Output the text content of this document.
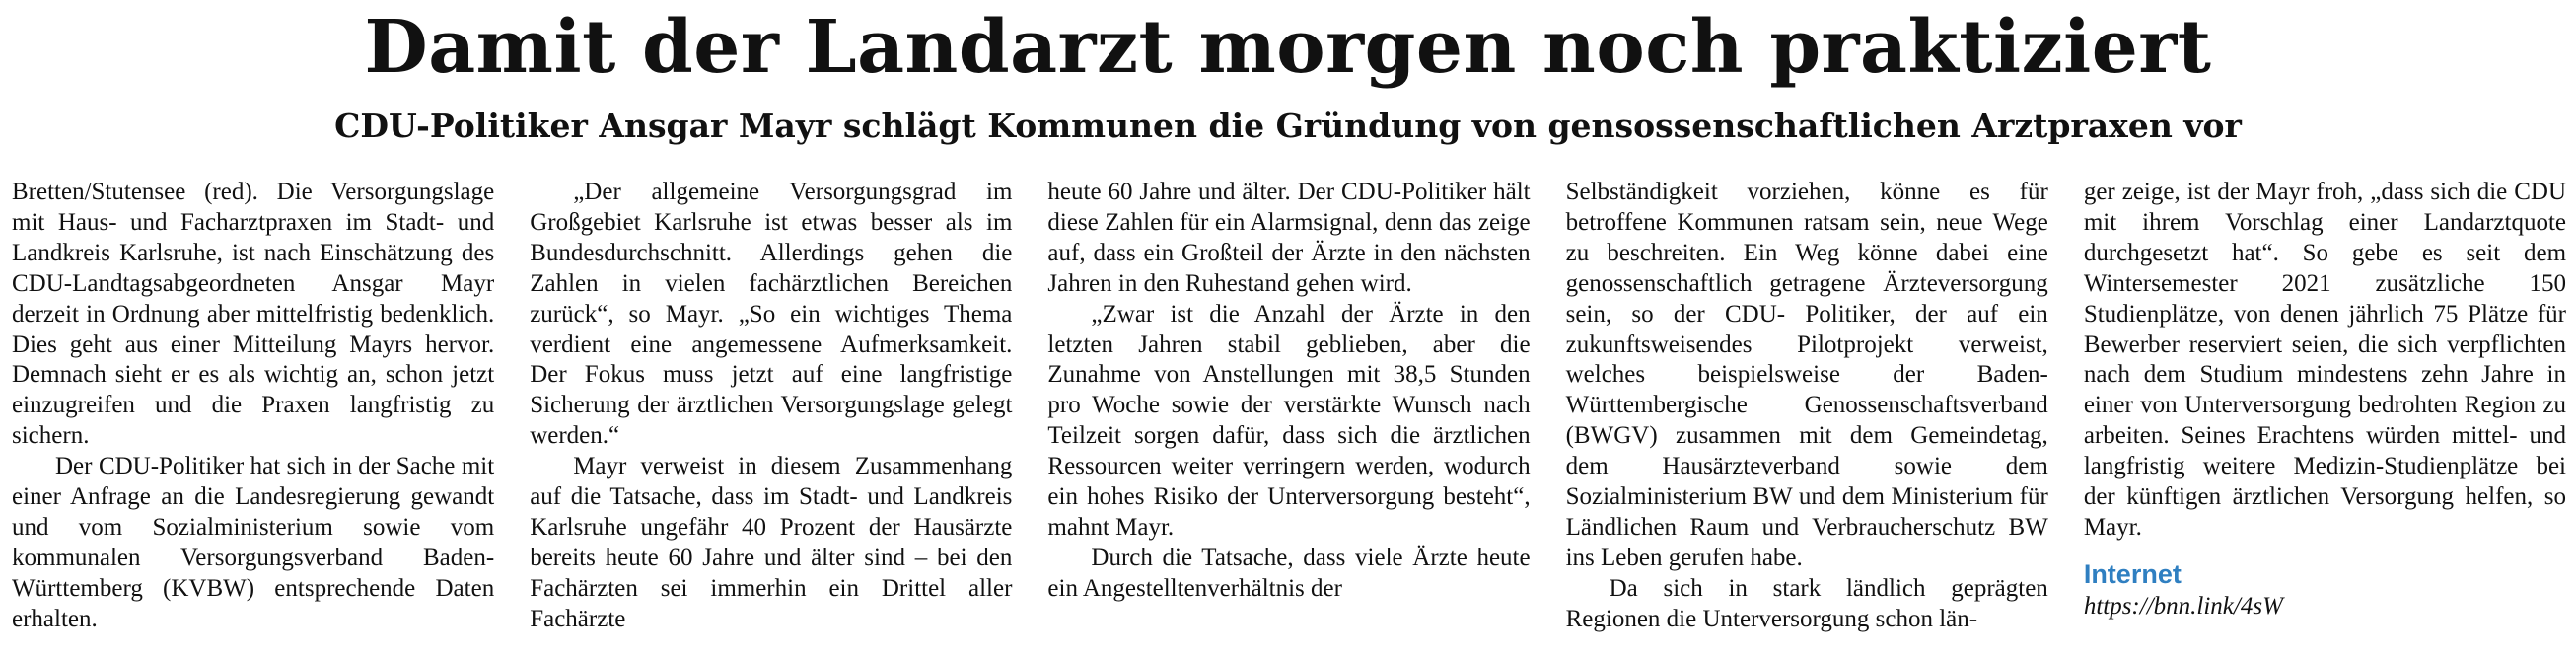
Damit der Landarzt morgen noch praktiziert
CDU-Politiker Ansgar Mayr schlägt Kommunen die Gründung von gensossenschaftlichen Arztpraxen vor

Bretten/Stutensee (red). Die Versorgungslage mit Haus- und Facharztpraxen im Stadt- und Landkreis Karlsruhe, ist nach Einschätzung des CDU-Landtagsabgeordneten Ansgar Mayr derzeit in Ordnung aber mittelfristig bedenklich. Dies geht aus einer Mitteilung Mayrs hervor. Demnach sieht er es als wichtig an, schon jetzt einzugreifen und die Praxen langfristig zu sichern.

Der CDU-Politiker hat sich in der Sache mit einer Anfrage an die Landesregierung gewandt und vom Sozialministerium sowie vom kommunalen Versorgungsverband Baden-Württemberg (KVBW) entsprechende Daten erhalten.

„Der allgemeine Versorgungsgrad im Großgebiet Karlsruhe ist etwas besser als im Bundesdurchschnitt. Allerdings gehen die Zahlen in vielen fachärztlichen Bereichen zurück“, so Mayr. „So ein wichtiges Thema verdient eine angemessene Aufmerksamkeit. Der Fokus muss jetzt auf eine langfristige Sicherung der ärztlichen Versorgungslage gelegt werden.“

Mayr verweist in diesem Zusammenhang auf die Tatsache, dass im Stadt- und Landkreis Karlsruhe ungefähr 40 Prozent der Hausärzte bereits heute 60 Jahre und älter sind – bei den Fachärzten sei immerhin ein Drittel aller Fachärzte

heute 60 Jahre und älter. Der CDU-Politiker hält diese Zahlen für ein Alarmsignal, denn das zeige auf, dass ein Großteil der Ärzte in den nächsten Jahren in den Ruhestand gehen wird.

„Zwar ist die Anzahl der Ärzte in den letzten Jahren stabil geblieben, aber die Zunahme von Anstellungen mit 38,5 Stunden pro Woche sowie der verstärkte Wunsch nach Teilzeit sorgen dafür, dass sich die ärztlichen Ressourcen weiter verringern werden, wodurch ein hohes Risiko der Unterversorgung besteht“, mahnt Mayr.

Durch die Tatsache, dass viele Ärzte heute ein Angestelltenverhältnis der

Selbständigkeit vorziehen, könne es für betroffene Kommunen ratsam sein, neue Wege zu beschreiten. Ein Weg könne dabei eine genossenschaftlich getragene Ärzteversorgung sein, so der CDU- Politiker, der auf ein zukunftsweisendes Pilotprojekt verweist, welches beispielsweise der Baden-Württembergische Genossenschaftsverband (BWGV) zusammen mit dem Gemeindetag, dem Hausärzteverband sowie dem Sozialministerium BW und dem Ministerium für Ländlichen Raum und Verbraucherschutz BW ins Leben gerufen habe.

Da sich in stark ländlich geprägten Regionen die Unterversorgung schon län-

ger zeige, ist der Mayr froh, „dass sich die CDU mit ihrem Vorschlag einer Landarztquote durchgesetzt hat“. So gebe es seit dem Wintersemester 2021 zusätzliche 150 Studienplätze, von denen jährlich 75 Plätze für Bewerber reserviert seien, die sich verpflichten nach dem Studium mindestens zehn Jahre in einer von Unterversorgung bedrohten Region zu arbeiten. Seines Erachtens würden mittel- und langfristig weitere Medizin-Studienplätze bei der künftigen ärztlichen Versorgung helfen, so Mayr.

Internet
https://bnn.link/4sW
